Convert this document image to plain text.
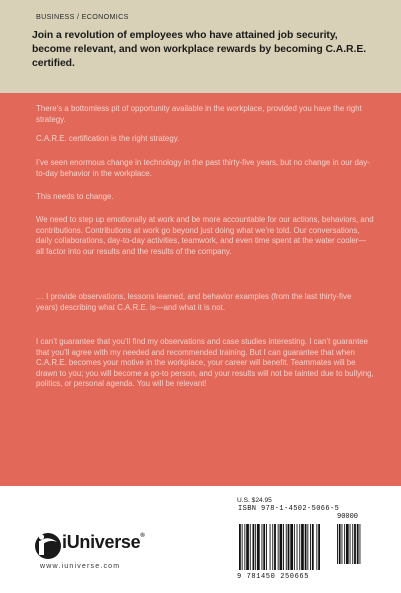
BUSINESS / ECONOMICS
Join a revolution of employees who have attained job security, become relevant, and won workplace rewards by becoming C.A.R.E. certified.
There’s a bottomless pit of opportunity available in the workplace, provided you have the right strategy.
C.A.R.E. certification is the right strategy.
I’ve seen enormous change in technology in the past thirty-five years, but no change in our day-to-day behavior in the workplace.
This needs to change.
We need to step up emotionally at work and be more accountable for our actions, behaviors, and contributions. Contributions at work go beyond just doing what we’re told. Our conversations, daily collaborations, day-to-day activities, teamwork, and even time spent at the water cooler—all factor into our results and the results of the company.
… I provide observations, lessons learned, and behavior examples (from the last thirty-five years) describing what C.A.R.E. is—and what it is not.
I can’t guarantee that you’ll find my observations and case studies interesting. I can’t guarantee that you’ll agree with my needed and recommended training. But I can guarantee that when C.A.R.E. becomes your motive in the workplace, your career will benefit. Teammates will be drawn to you; you will become a go-to person, and your results will not be tainted due to bullying, politics, or personal agenda. You will be relevant!
iUniverse®
www.iuniverse.com
U.S. $24.95
ISBN 978-1-4502-5066-5
90000
9 781450 250665
